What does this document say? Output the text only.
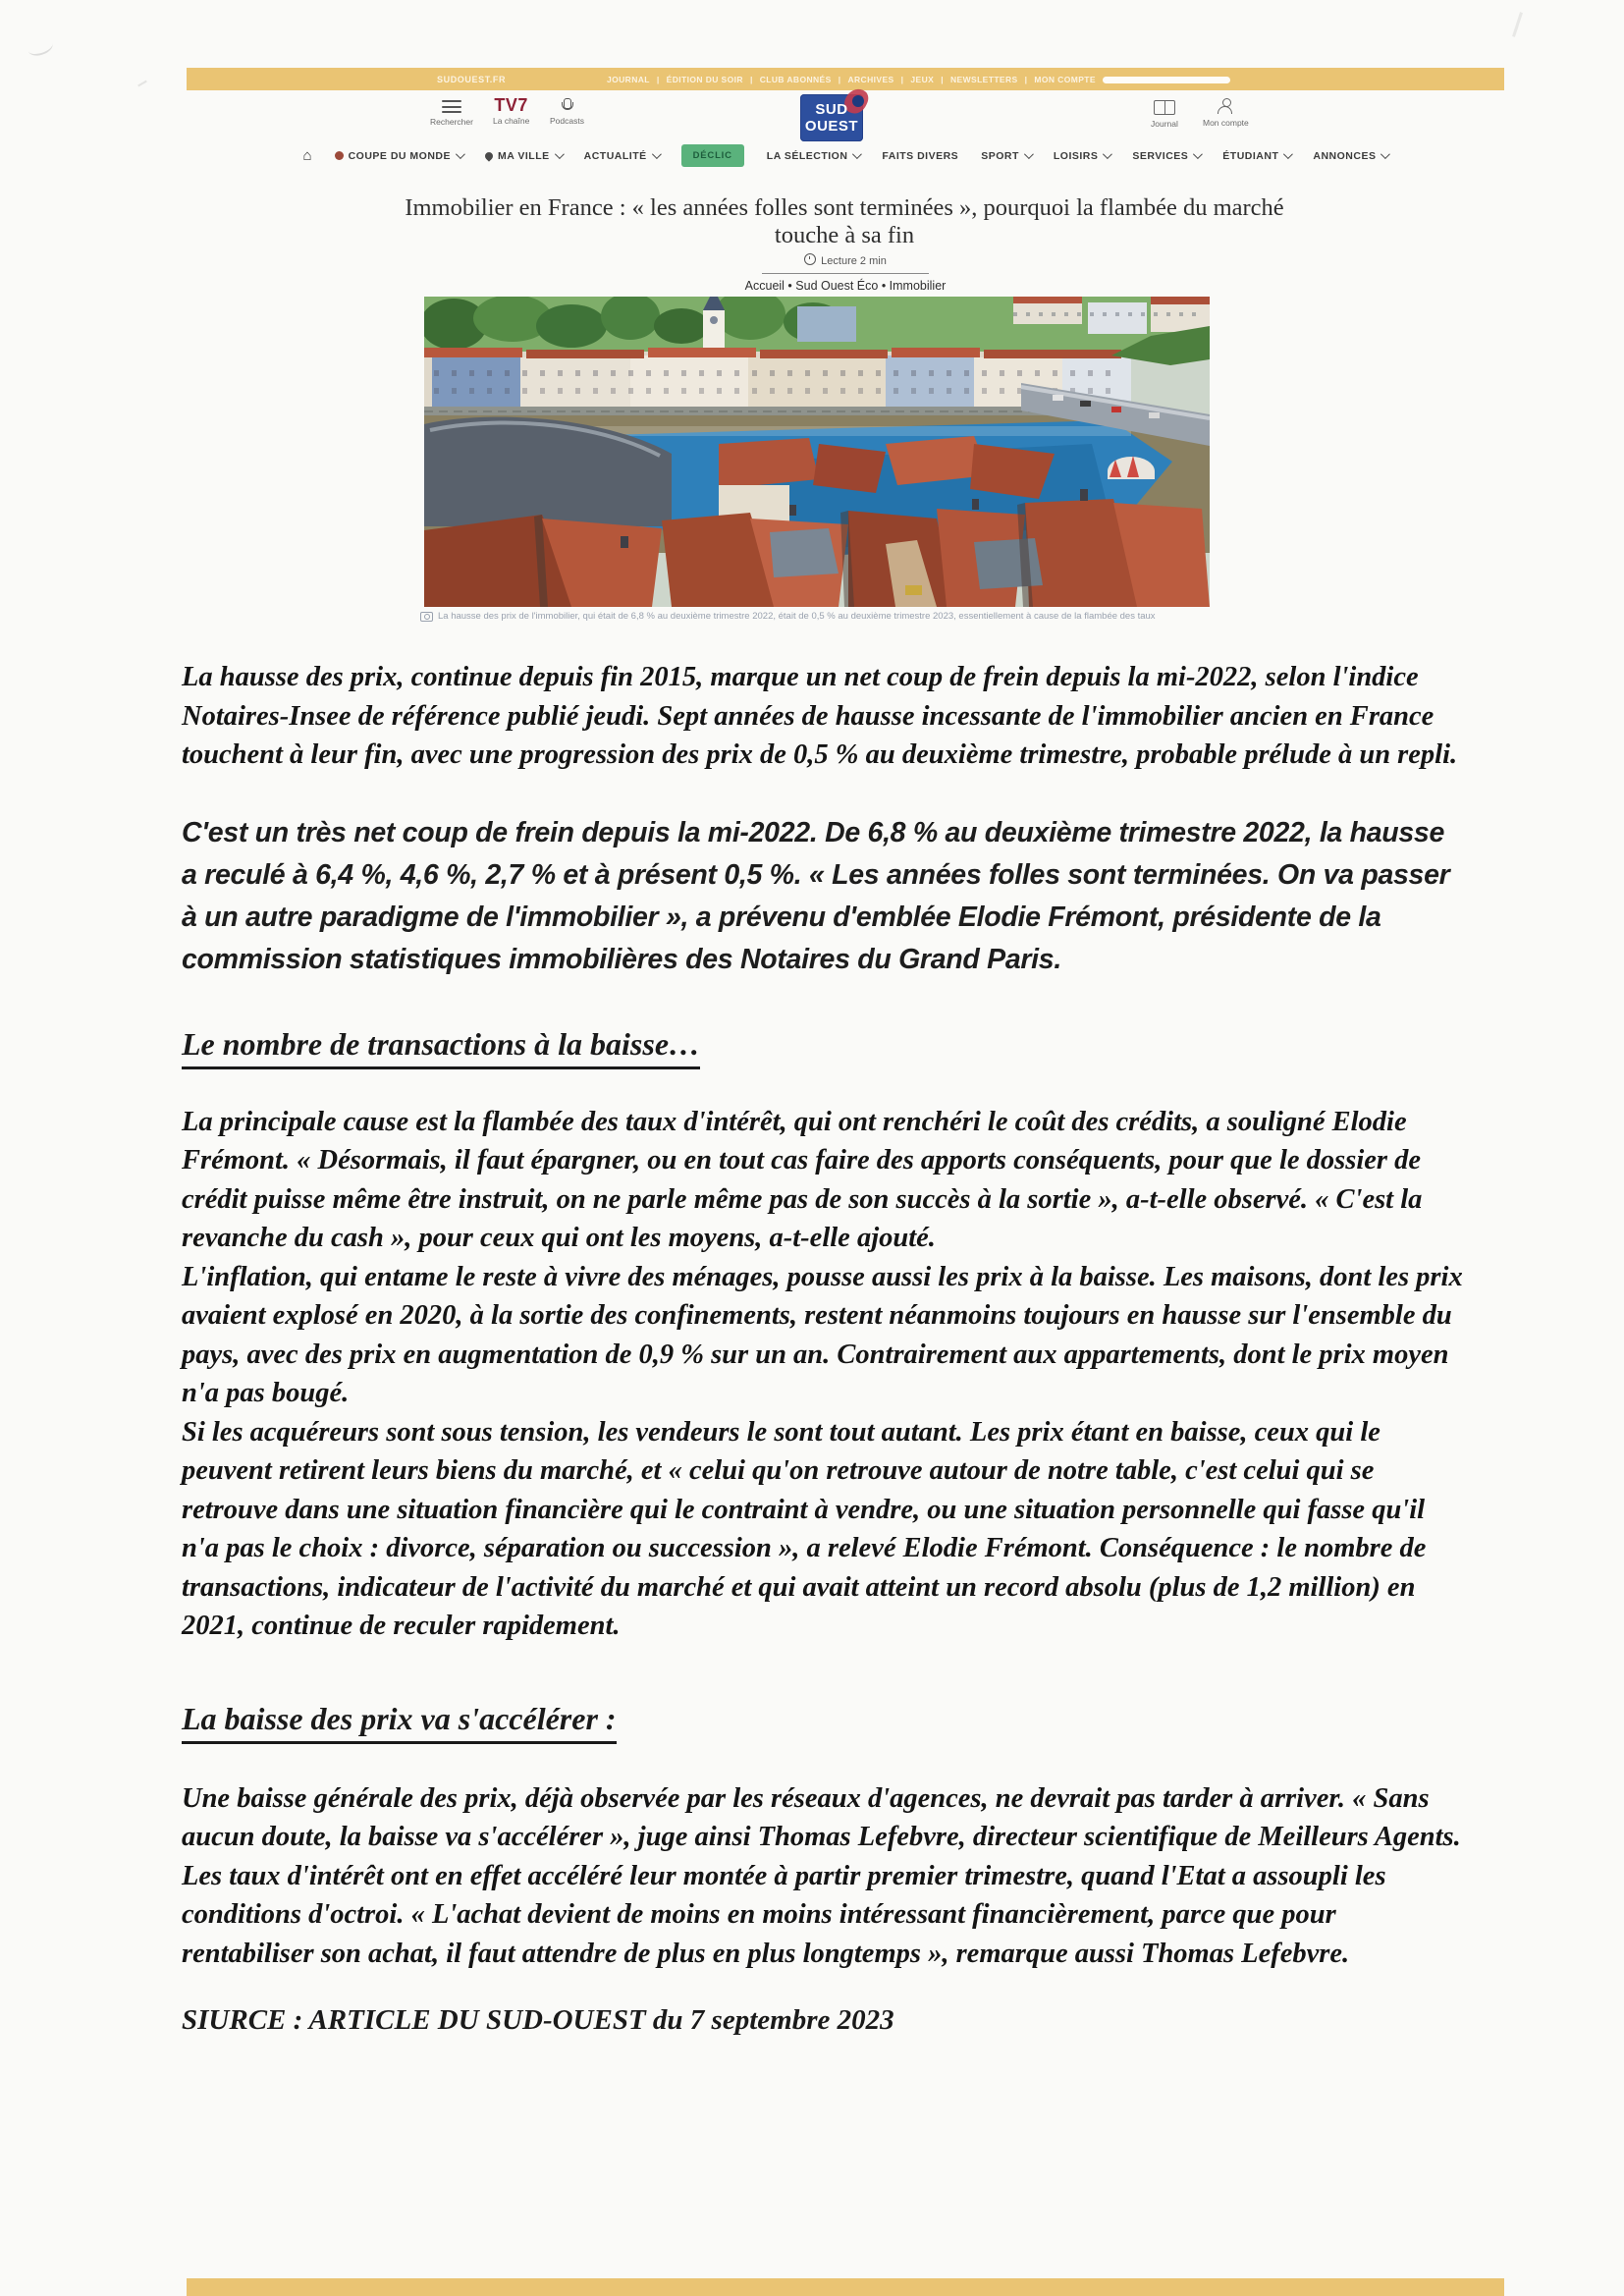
SUDOUEST.FR	JOURNAL | ÉDITION DU SOIR | CLUB ABONNÉS | ARCHIVES | JEUX | NEWSLETTERS | MON COMPTE
Rechercher
TV7
La chaîne Podcasts
SUD
OUEST	Journal	Mon compte
⌂	COUPE DU MONDE	MA VILLE	ACTUALITÉ	DÉCLIC	LA SÉLECTION	FAITS DIVERS SPORT	LOISIRS	SERVICES	ÉTUDIANT	ANNONCES
Immobilier en France : « les années folles sont terminées », pourquoi la flambée du marché touche à sa fin
Lecture 2 min
Accueil • Sud Ouest Éco • Immobilier
La hausse des prix de l'immobilier, qui était de 6,8 % au deuxième trimestre 2022, était de 0,5 % au deuxième trimestre 2023, essentiellement à cause de la flambée des taux

La hausse des prix, continue depuis fin 2015, marque un net coup de frein depuis la mi-2022, selon l'indice Notaires-Insee de référence publié jeudi. Sept années de hausse incessante de l'immobilier ancien en France touchent à leur fin, avec une progression des prix de 0,5 % au deuxième trimestre, probable prélude à un repli.

C'est un très net coup de frein depuis la mi-2022. De 6,8 % au deuxième trimestre 2022, la hausse a reculé à 6,4 %, 4,6 %, 2,7 % et à présent 0,5 %. « Les années folles sont terminées. On va passer à un autre paradigme de l'immobilier », a prévenu d'emblée Elodie Frémont, présidente de la commission statistiques immobilières des Notaires du Grand Paris.

Le nombre de transactions à la baisse…

La principale cause est la flambée des taux d'intérêt, qui ont renchéri le coût des crédits, a souligné Elodie Frémont. « Désormais, il faut épargner, ou en tout cas faire des apports conséquents, pour que le dossier de crédit puisse même être instruit, on ne parle même pas de son succès à la sortie », a-t-elle observé. « C'est la revanche du cash », pour ceux qui ont les moyens, a-t-elle ajouté.

L'inflation, qui entame le reste à vivre des ménages, pousse aussi les prix à la baisse. Les maisons, dont les prix avaient explosé en 2020, à la sortie des confinements, restent néanmoins toujours en hausse sur l'ensemble du pays, avec des prix en augmentation de 0,9 % sur un an. Contrairement aux appartements, dont le prix moyen n'a pas bougé.

Si les acquéreurs sont sous tension, les vendeurs le sont tout autant. Les prix étant en baisse, ceux qui le peuvent retirent leurs biens du marché, et « celui qu'on retrouve autour de notre table, c'est celui qui se retrouve dans une situation financière qui le contraint à vendre, ou une situation personnelle qui fasse qu'il n'a pas le choix : divorce, séparation ou succession », a relevé Elodie Frémont. Conséquence : le nombre de transactions, indicateur de l'activité du marché et qui avait atteint un record absolu (plus de 1,2 million) en 2021, continue de reculer rapidement.

La baisse des prix va s'accélérer :

Une baisse générale des prix, déjà observée par les réseaux d'agences, ne devrait pas tarder à arriver. « Sans aucun doute, la baisse va s'accélérer », juge ainsi Thomas Lefebvre, directeur scientifique de Meilleurs Agents. Les taux d'intérêt ont en effet accéléré leur montée à partir premier trimestre, quand l'Etat a assoupli les conditions d'octroi. « L'achat devient de moins en moins intéressant financièrement, parce que pour rentabiliser son achat, il faut attendre de plus en plus longtemps », remarque aussi Thomas Lefebvre.

SIURCE : ARTICLE DU SUD-OUEST du 7 septembre 2023
